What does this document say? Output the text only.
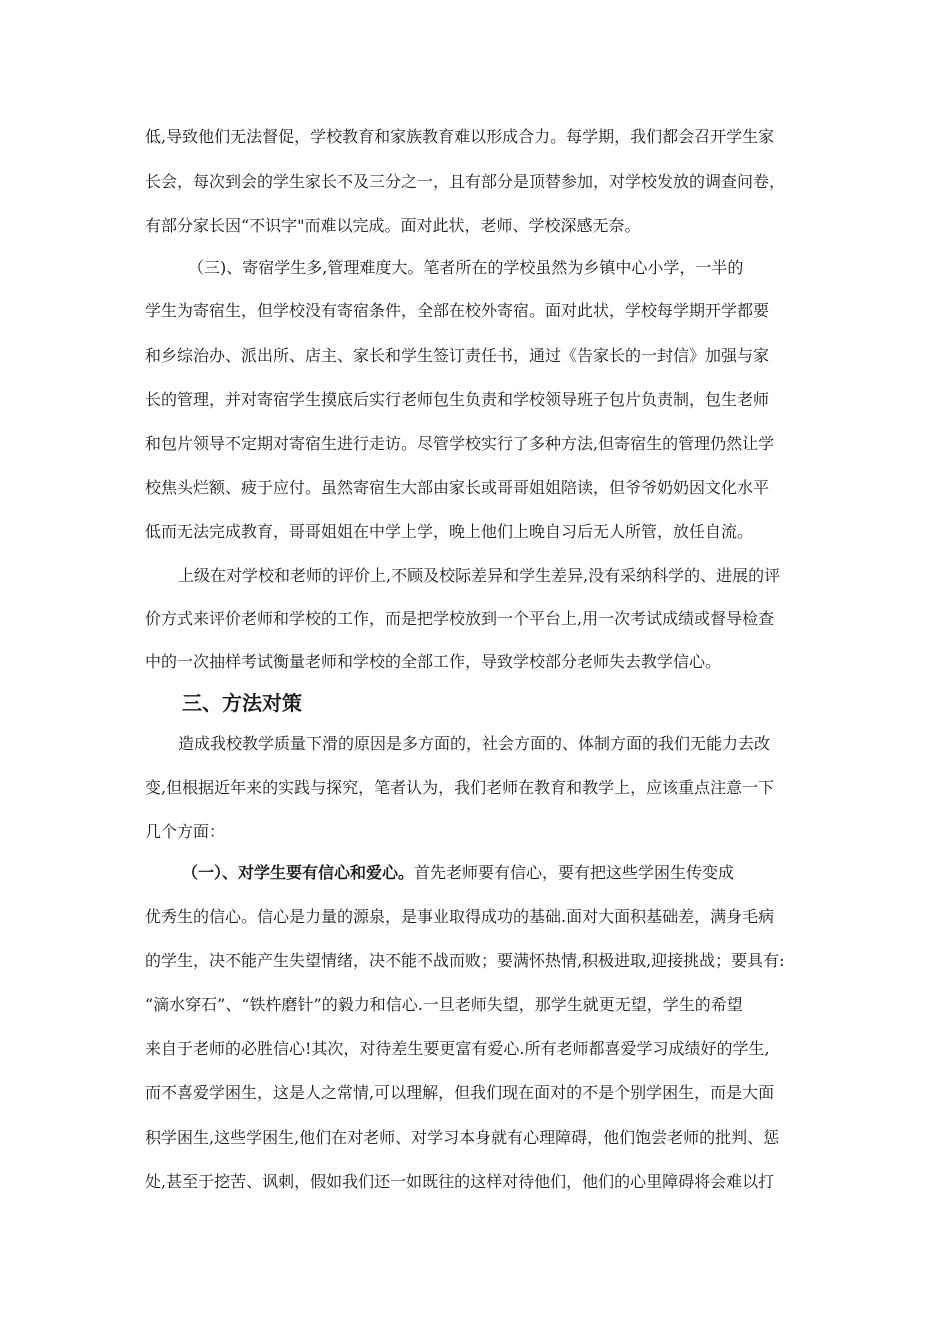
低,导致他们无法督促，学校教育和家族教育难以形成合力。每学期，我们都会召开学生家
长会，每次到会的学生家长不及三分之一，且有部分是顶替参加，对学校发放的调查问卷，
有部分家长因“不识字"而难以完成。面对此状，老师、学校深感无奈。
（三)、寄宿学生多,管理难度大。笔者所在的学校虽然为乡镇中心小学，一半的
学生为寄宿生，但学校没有寄宿条件，全部在校外寄宿。面对此状，学校每学期开学都要
和乡综治办、派出所、店主、家长和学生签订责任书，通过《告家长的一封信》加强与家
长的管理，并对寄宿学生摸底后实行老师包生负责和学校领导班子包片负责制，包生老师
和包片领导不定期对寄宿生进行走访。尽管学校实行了多种方法,但寄宿生的管理仍然让学
校焦头烂额、疲于应付。虽然寄宿生大部由家长或哥哥姐姐陪读，但爷爷奶奶因文化水平
低而无法完成教育，哥哥姐姐在中学上学，晚上他们上晚自习后无人所管，放任自流。
上级在对学校和老师的评价上,不顾及校际差异和学生差异,没有采纳科学的、进展的评
价方式来评价老师和学校的工作，而是把学校放到一个平台上,用一次考试成绩或督导检查
中的一次抽样考试衡量老师和学校的全部工作，导致学校部分老师失去教学信心。
三、方法对策
造成我校教学质量下滑的原因是多方面的，社会方面的、体制方面的我们无能力去改
变,但根据近年来的实践与探究，笔者认为，我们老师在教育和教学上，应该重点注意一下
几个方面：
（一）、对学生要有信心和爱心。首先老师要有信心，要有把这些学困生传变成
优秀生的信心。信心是力量的源泉，是事业取得成功的基础.面对大面积基础差，满身毛病
的学生，决不能产生失望情绪，决不能不战而败；要满怀热情,积极进取,迎接挑战；要具有:
“滴水穿石”、“铁杵磨针”的毅力和信心.一旦老师失望，那学生就更无望，学生的希望
来自于老师的必胜信心!其次，对待差生要更富有爱心.所有老师都喜爱学习成绩好的学生,
而不喜爱学困生，这是人之常情,可以理解，但我们现在面对的不是个别学困生，而是大面
积学困生,这些学困生,他们在对老师、对学习本身就有心理障碍，他们饱尝老师的批判、惩
处,甚至于挖苦、讽刺，假如我们还一如既往的这样对待他们，他们的心里障碍将会难以打
